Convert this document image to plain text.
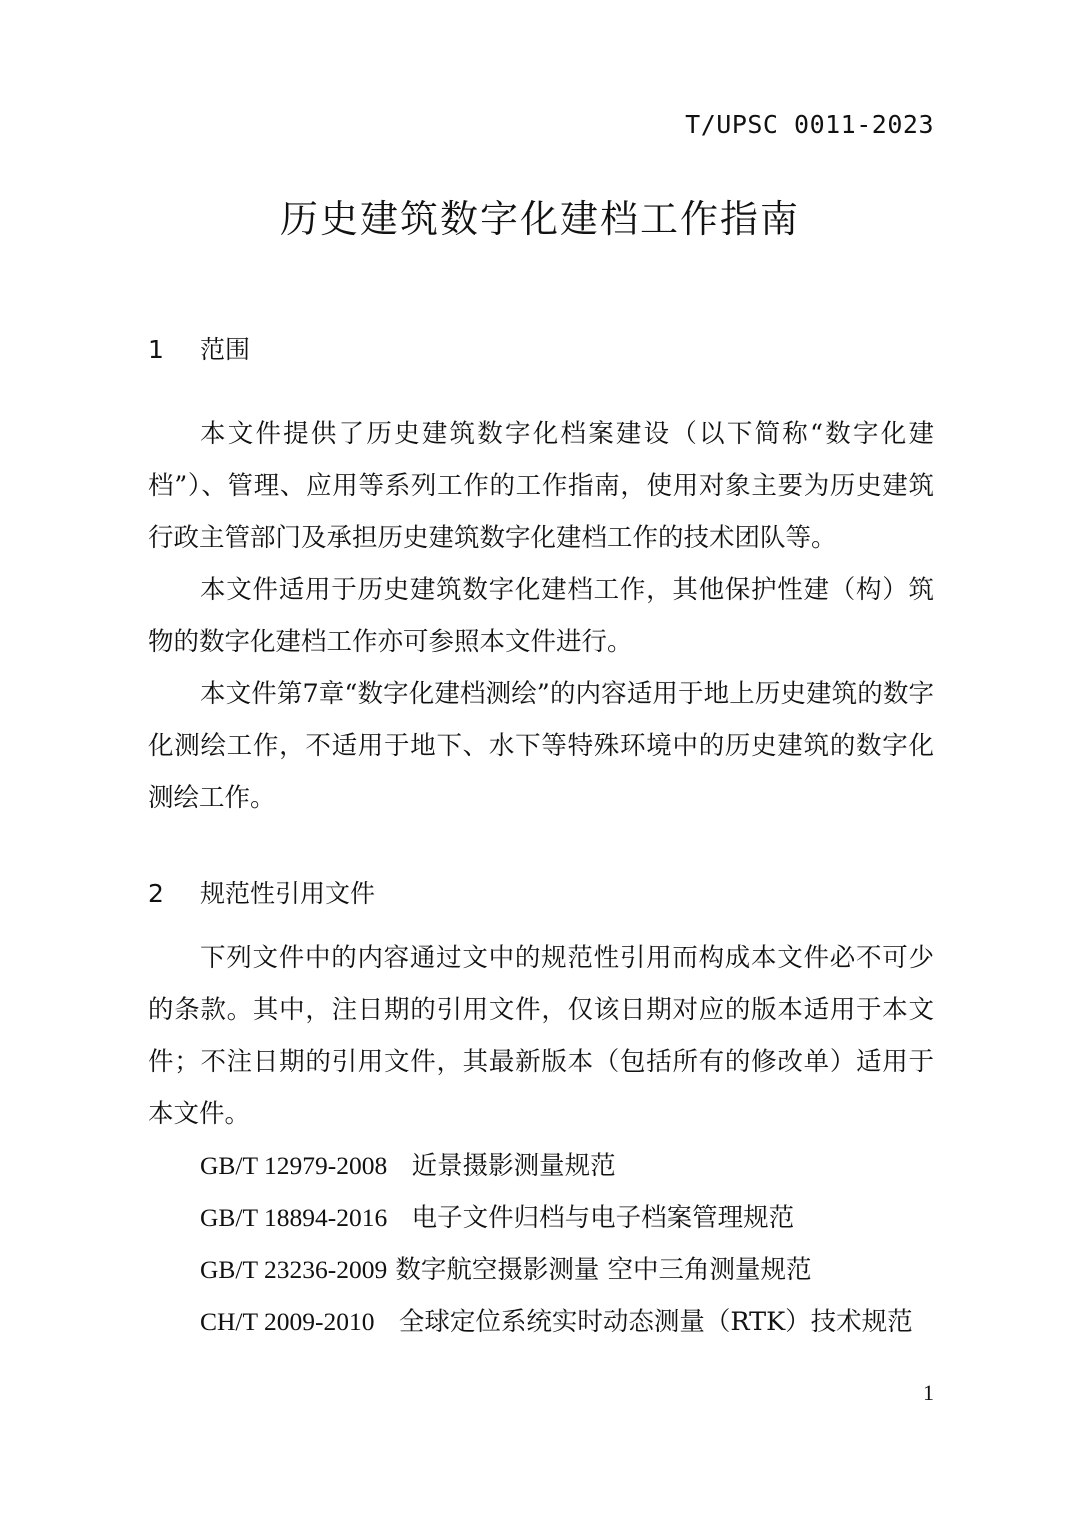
T/UPSC 0011-2023
历史建筑数字化建档工作指南
1 范围

本文件提供了历史建筑数字化档案建设（以下简称“数字化建档”）、管理、应用等系列工作的工作指南，使用对象主要为历史建筑行政主管部门及承担历史建筑数字化建档工作的技术团队等。

本文件适用于历史建筑数字化建档工作，其他保护性建（构）筑物的数字化建档工作亦可参照本文件进行。

本文件第7章“数字化建档测绘”的内容适用于地上历史建筑的数字化测绘工作，不适用于地下、水下等特殊环境中的历史建筑的数字化测绘工作。

2 规范性引用文件

下列文件中的内容通过文中的规范性引用而构成本文件必不可少的条款。其中，注日期的引用文件，仅该日期对应的版本适用于本文件；不注日期的引用文件，其最新版本（包括所有的修改单）适用于本文件。

GB/T 12979-2008 近景摄影测量规范
GB/T 18894-2016 电子文件归档与电子档案管理规范
GB/T 23236-2009 数字航空摄影测量 空中三角测量规范
CH/T 2009-2010 全球定位系统实时动态测量（RTK）技术规范
1
